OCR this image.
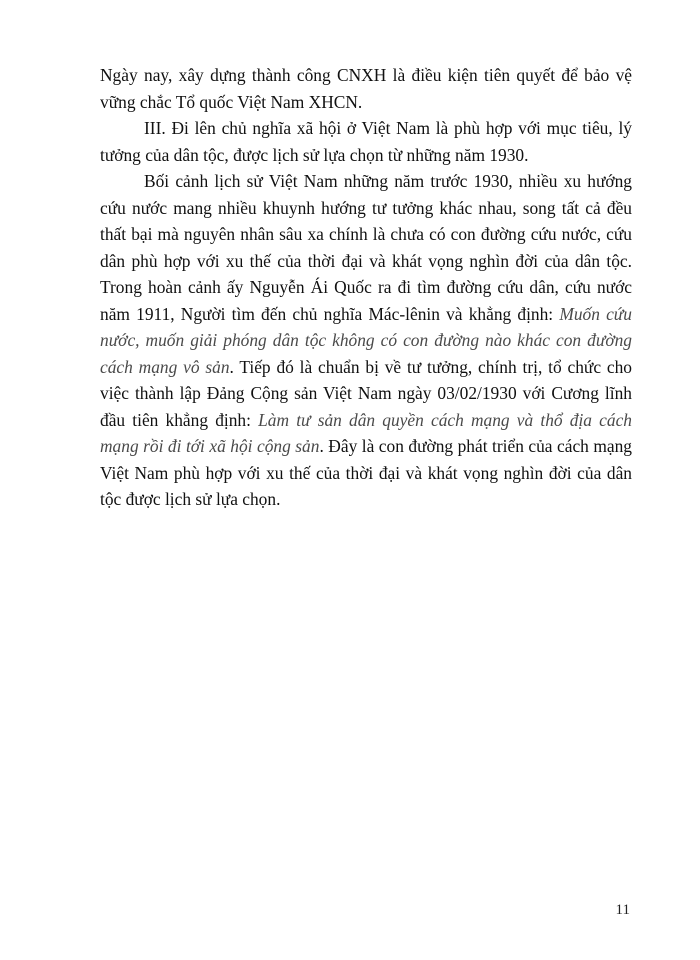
Ngày nay, xây dựng thành công CNXH là điều kiện tiên quyết để bảo vệ vững chắc Tổ quốc Việt Nam XHCN.

III. Đi lên chủ nghĩa xã hội ở Việt Nam là phù hợp với mục tiêu, lý tưởng của dân tộc, được lịch sử lựa chọn từ những năm 1930.

Bối cảnh lịch sử Việt Nam những năm trước 1930, nhiều xu hướng cứu nước mang nhiều khuynh hướng tư tưởng khác nhau, song tất cả đều thất bại mà nguyên nhân sâu xa chính là chưa có con đường cứu nước, cứu dân phù hợp với xu thế của thời đại và khát vọng nghìn đời của dân tộc. Trong hoàn cảnh ấy Nguyễn Ái Quốc ra đi tìm đường cứu dân, cứu nước năm 1911, Người tìm đến chủ nghĩa Mác-lênin và khẳng định: Muốn cứu nước, muốn giải phóng dân tộc không có con đường nào khác con đường cách mạng vô sản. Tiếp đó là chuẩn bị về tư tưởng, chính trị, tổ chức cho việc thành lập Đảng Cộng sản Việt Nam ngày 03/02/1930 với Cương lĩnh đầu tiên khẳng định: Làm tư sản dân quyền cách mạng và thổ địa cách mạng rồi đi tới xã hội cộng sản. Đây là con đường phát triển của cách mạng Việt Nam phù hợp với xu thế của thời đại và khát vọng nghìn đời của dân tộc được lịch sử lựa chọn.

11
